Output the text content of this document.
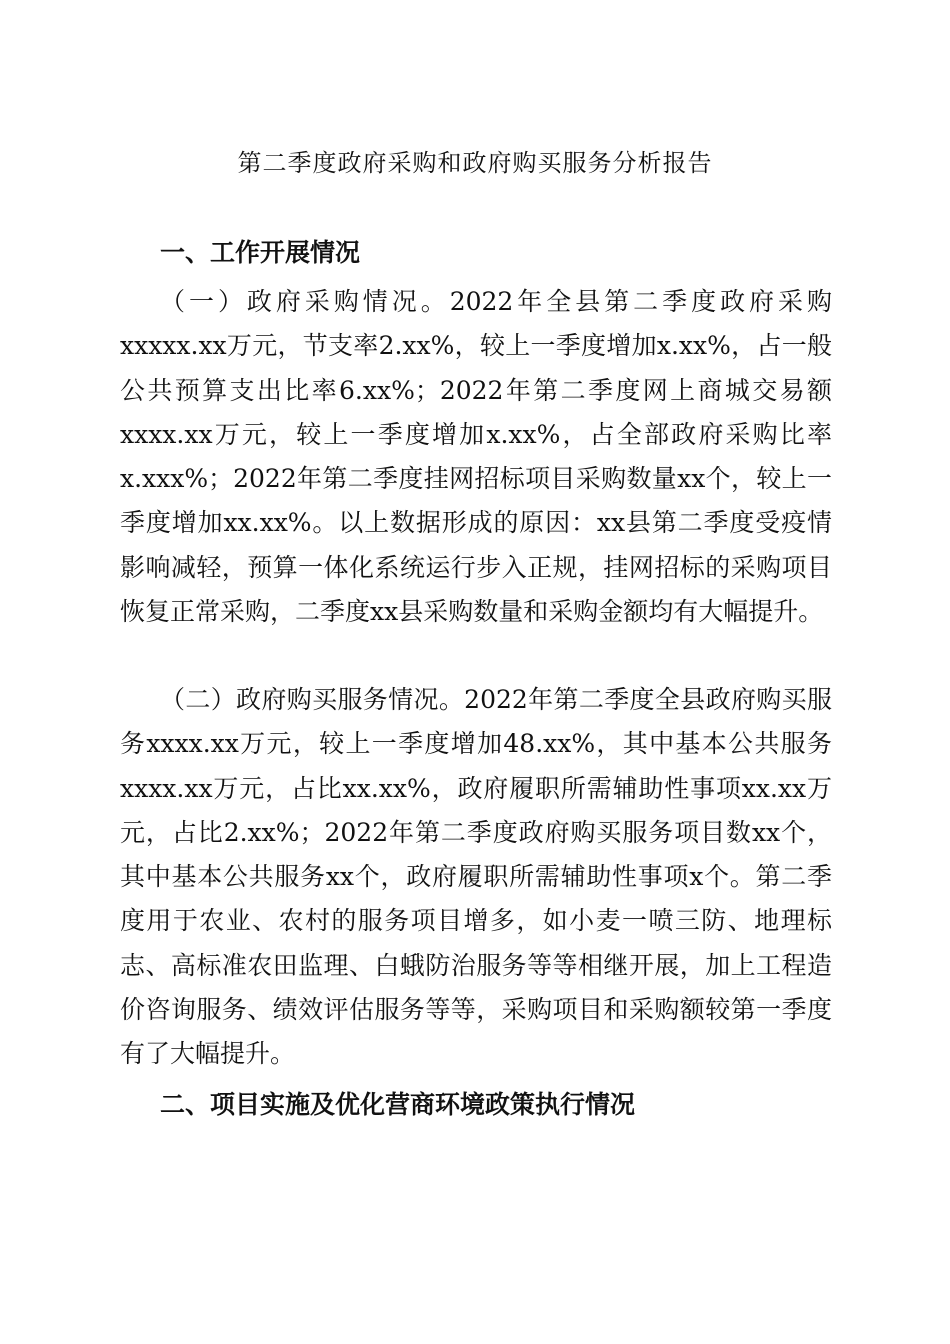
第二季度政府采购和政府购买服务分析报告
一、工作开展情况

（一）政府采购情况。2022年全县第二季度政府采购xxxxx.xx万元，节支率2.xx%，较上一季度增加x.xx%，占一般公共预算支出比率6.xx%；2022年第二季度网上商城交易额xxxx.xx万元，较上一季度增加x.xx%，占全部政府采购比率x.xxx%；2022年第二季度挂网招标项目采购数量xx个，较上一季度增加xx.xx%。以上数据形成的原因：xx县第二季度受疫情影响减轻，预算一体化系统运行步入正规，挂网招标的采购项目恢复正常采购，二季度xx县采购数量和采购金额均有大幅提升。

（二）政府购买服务情况。2022年第二季度全县政府购买服务xxxx.xx万元，较上一季度增加48.xx%，其中基本公共服务xxxx.xx万元，占比xx.xx%，政府履职所需辅助性事项xx.xx万元，占比2.xx%；2022年第二季度政府购买服务项目数xx个，其中基本公共服务xx个，政府履职所需辅助性事项x个。第二季度用于农业、农村的服务项目增多，如小麦一喷三防、地理标志、高标准农田监理、白蛾防治服务等等相继开展，加上工程造价咨询服务、绩效评估服务等等，采购项目和采购额较第一季度有了大幅提升。

二、项目实施及优化营商环境政策执行情况
